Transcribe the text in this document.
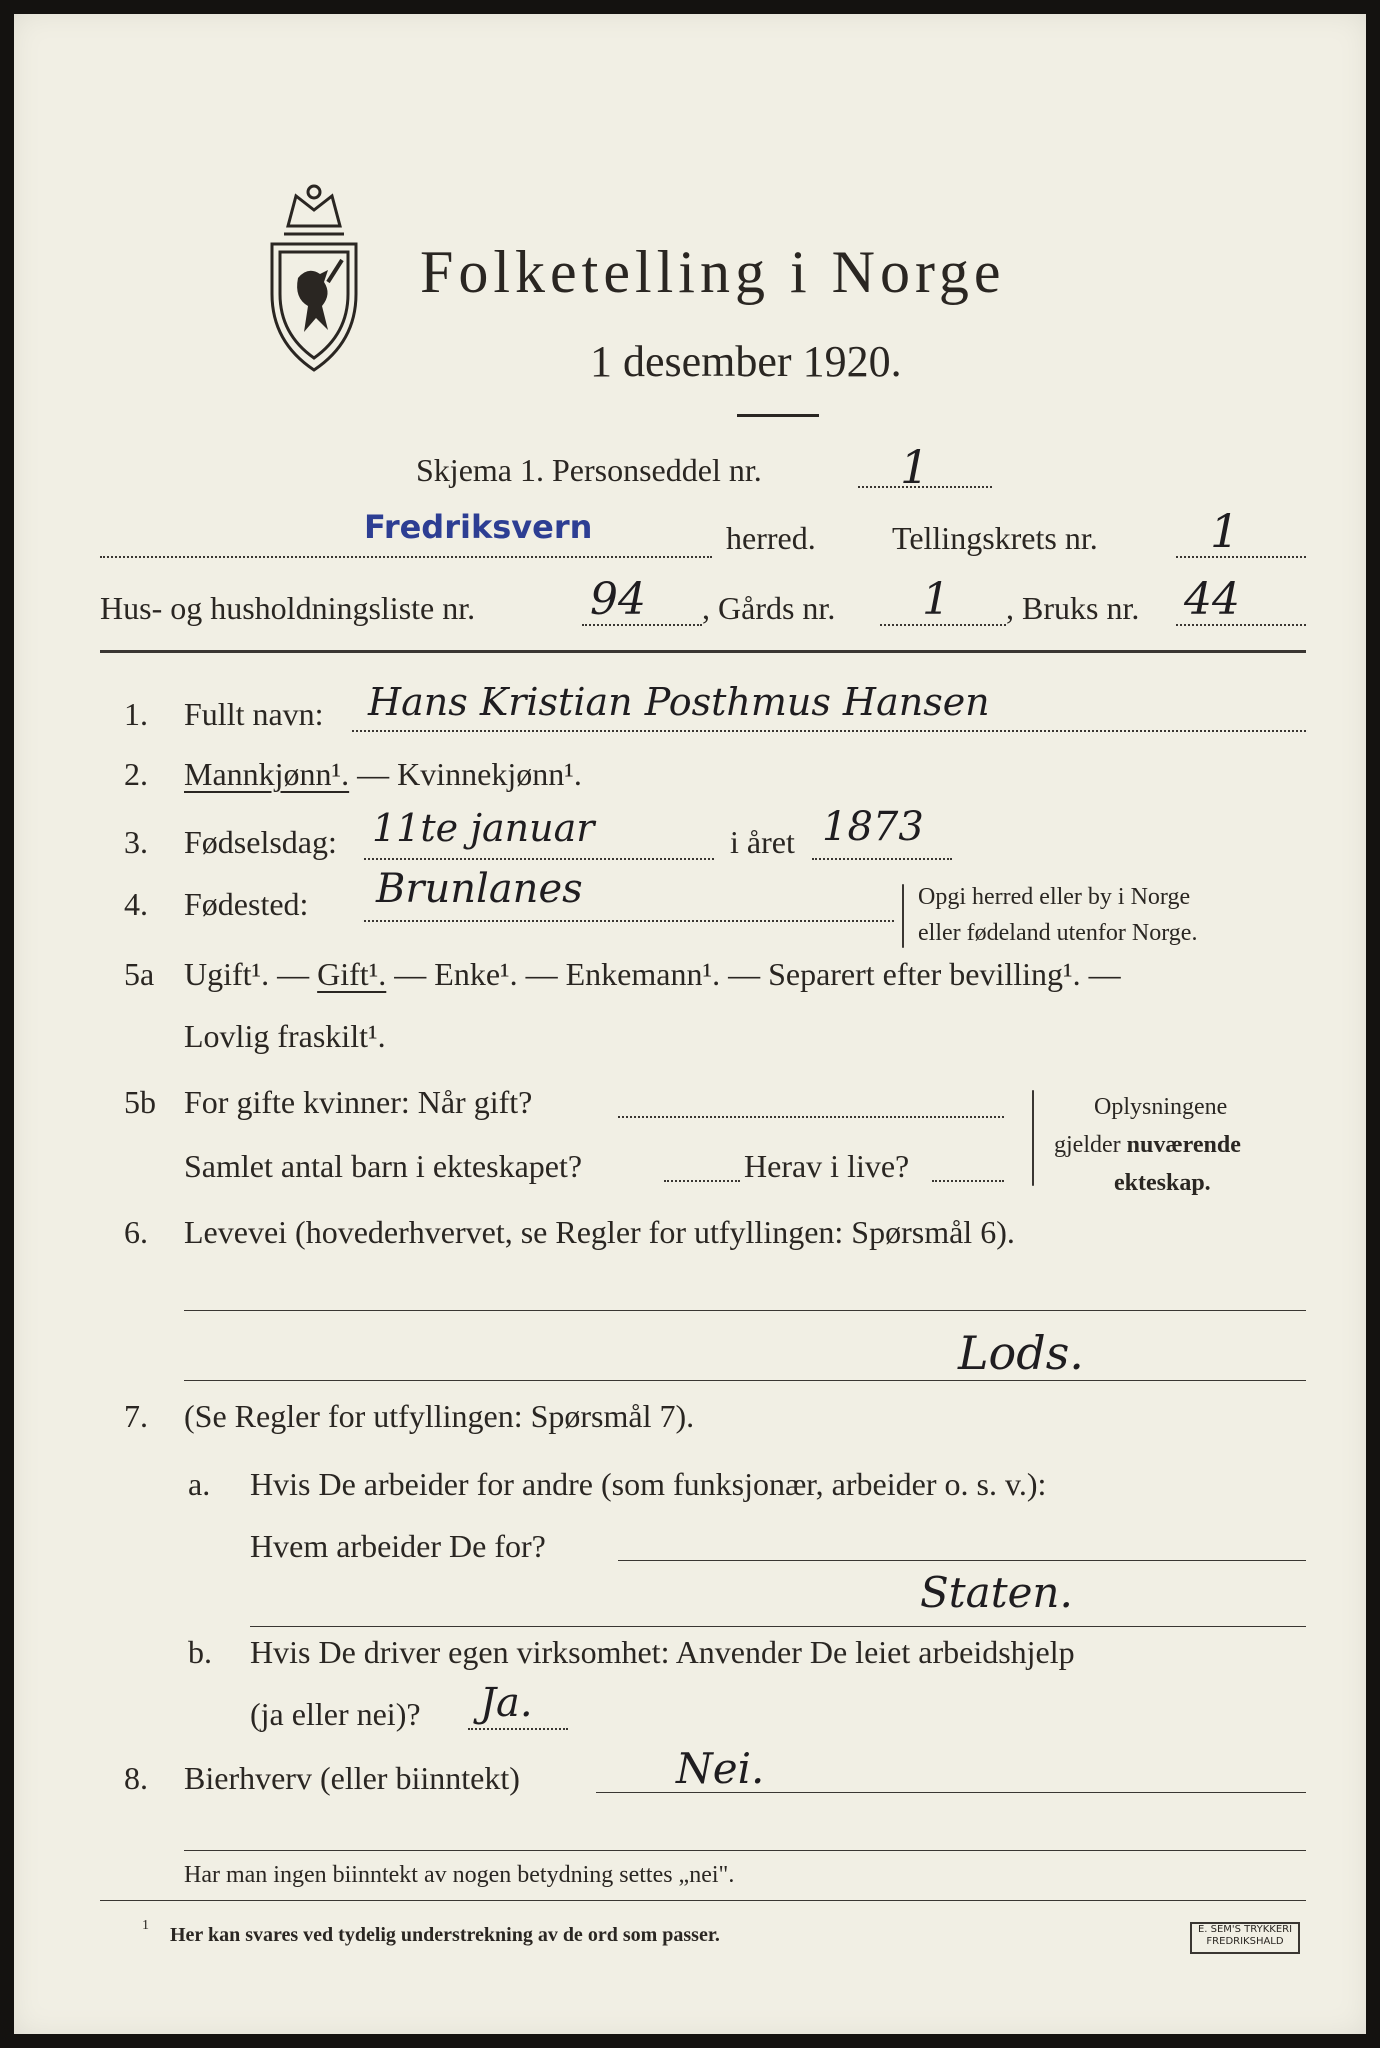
Folketelling i Norge
1 desember 1920.
Skjema 1. Personseddel nr.	1
Fredriksvern	herred. Tellingskrets nr. 1
Hus- og husholdningsliste nr.	94 , Gårds nr. 1 , Bruks nr. 44
1. Fullt navn: Hans Kristian Posthmus Hansen
2. Mannkjønn¹. — Kvinnekjønn¹.
3. Fødselsdag: 11te januar	i året 1873
4. Fødested: Brunlanes	Opgi herred eller by i Norge
eller fødeland utenfor Norge.
5a Ugift¹. — Gift¹. — Enke¹. — Enkemann¹. — Separert efter bevilling¹. —
Lovlig fraskilt¹.
5b For gifte kvinner: Når gift?
Samlet antal barn i ekteskapet?	Herav i live?
Oplysningene
gjelder nuværende
ekteskap.
6. Levevei (hovederhvervet, se Regler for utfyllingen: Spørsmål 6).
Lods.
7. (Se Regler for utfyllingen: Spørsmål 7).
a. Hvis De arbeider for andre (som funksjonær, arbeider o. s. v.):
Hvem arbeider De for?
Staten.
b. Hvis De driver egen virksomhet: Anvender De leiet arbeidshjelp
(ja eller nei)? Ja.
8. Bierhverv (eller biinntekt)	Nei.
Har man ingen biinntekt av nogen betydning settes „nei".
1 Her kan svares ved tydelig understrekning av de ord som passer.	E. SEM'S TRYKKERI
FREDRIKSHALD
